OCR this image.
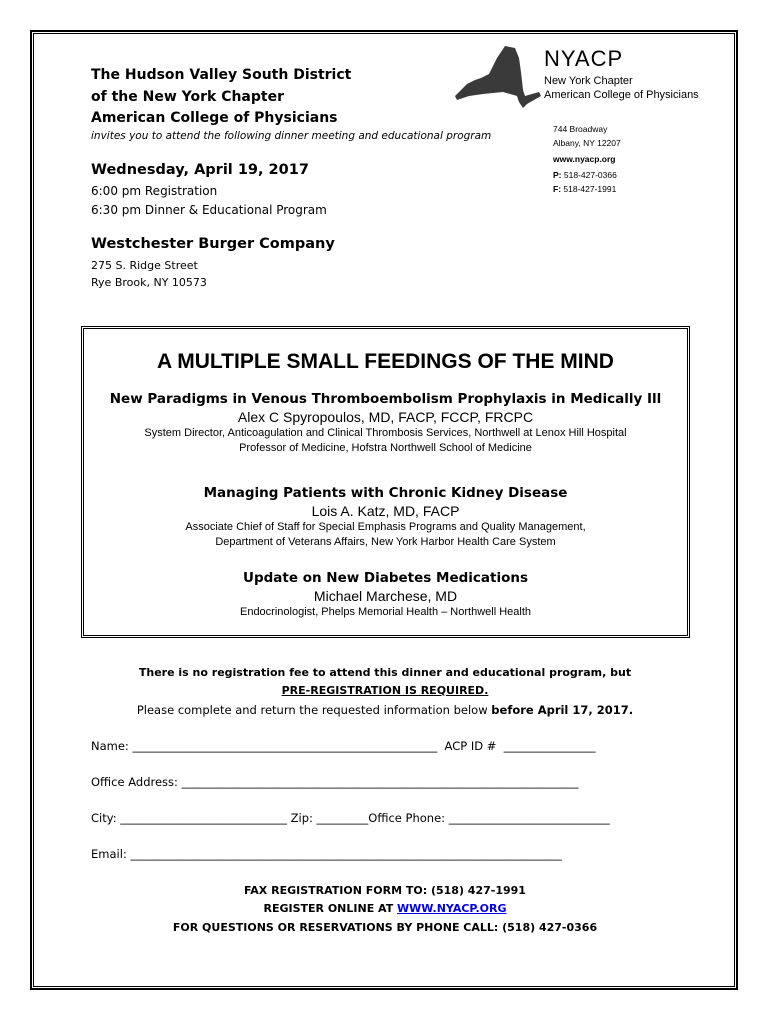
The Hudson Valley South District
of the New York Chapter
American College of Physicians
invites you to attend the following dinner meeting and educational program
NYACP
New York Chapter
American College of Physicians
744 Broadway
Albany, NY 12207
www.nyacp.org
P: 518-427-0366
F: 518-427-1991
Wednesday, April 19, 2017
6:00 pm Registration
6:30 pm Dinner & Educational Program
Westchester Burger Company
275 S. Ridge Street
Rye Brook, NY 10573
A MULTIPLE SMALL FEEDINGS OF THE MIND
New Paradigms in Venous Thromboembolism Prophylaxis in Medically Ill
Alex C Spyropoulos, MD, FACP, FCCP, FRCPC
System Director, Anticoagulation and Clinical Thrombosis Services, Northwell at Lenox Hill Hospital
Professor of Medicine, Hofstra Northwell School of Medicine
Managing Patients with Chronic Kidney Disease
Lois A. Katz, MD, FACP
Associate Chief of Staff for Special Emphasis Programs and Quality Management,
Department of Veterans Affairs, New York Harbor Health Care System
Update on New Diabetes Medications
Michael Marchese, MD
Endocrinologist, Phelps Memorial Health – Northwell Health
There is no registration fee to attend this dinner and educational program, but
PRE-REGISTRATION IS REQUIRED.
Please complete and return the requested information below before April 17, 2017.
Name: _____________________________________________________ ACP ID # ________________
Office Address: _____________________________________________________________________
City: _____________________________ Zip: _________Office Phone: ____________________________
Email: ___________________________________________________________________________
FAX REGISTRATION FORM TO: (518) 427-1991
REGISTER ONLINE AT WWW.NYACP.ORG
FOR QUESTIONS OR RESERVATIONS BY PHONE CALL: (518) 427-0366
